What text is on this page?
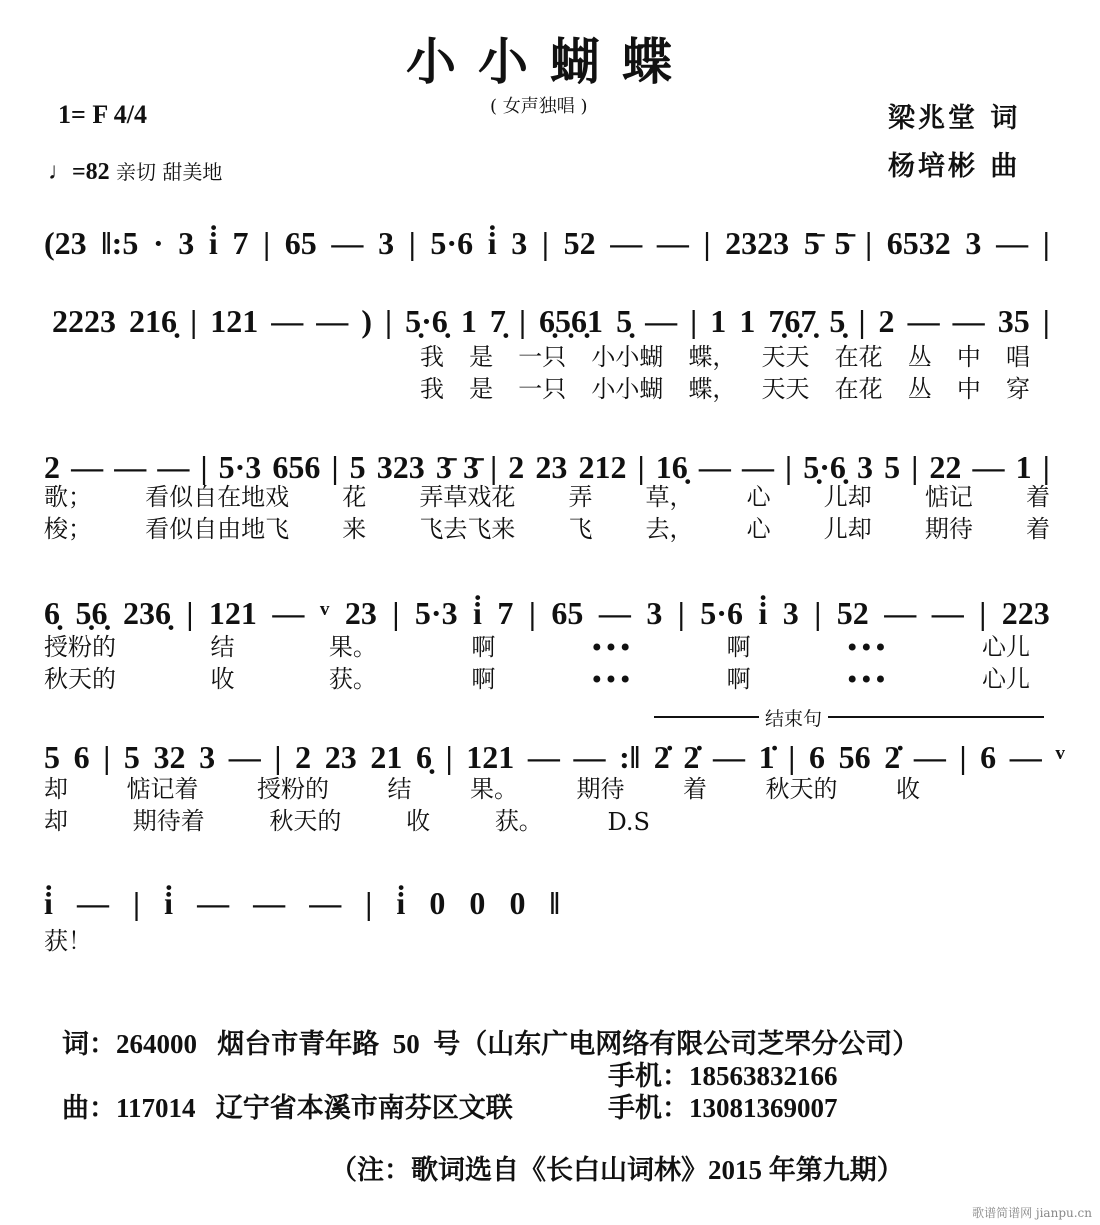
小小蝴蝶
( 女声独唱 )
1= F 4/4
♩=82 亲切 甜美地
梁兆堂 词
杨培彬 曲
(23 ‖:5 · 3 i̇ 7 | 65 — 3 | 5·6 i̇ 3 | 52 — — | 2323 5̄ 5̄ | 6532 3 — |
2223 216̣ | 121 — — ) | 5̣·6̣ 1 7̣ | 6̣5̣6̣1 5̣ — | 1 1 7̣6̣7̣ 5̣ | 2 — — 35 |
我 是 一只 小小蝴 蝶， 天天 在花 丛 中 唱
我 是 一只 小小蝴 蝶， 天天 在花 丛 中 穿
2 — — — | 5·3 656 | 5 323 3̄ 3̄ | 2 23 212 | 16̣ — — | 5̣·6̣ 3 5 | 22 — 1 |
歌； 看似自在地戏 花 弄草戏花 弄 草， 心 儿却 惦记 着
梭； 看似自由地飞 来 飞去飞来 飞 去， 心 儿却 期待 着
6̣ 5̣6̣ 236̣ | 121 — ᵛ 23 | 5·3 i̇ 7 | 65 — 3 | 5·6 i̇ 3 | 52 — — | 223
授粉的	结	果。	啊	•••	啊	•••	心儿
秋天的	收	获。	啊	•••	啊	•••	心儿
5 6 | 5 32 3 — | 2 23 21 6̣ | 121 — — :‖ 2̇ 2̇ — 1̇ | 6 56 2̇ — | 6 — ᵛ
却 惦记着 授粉的 结 果。 期待 着 秋天的 收
却	期待着	秋天的	收	获。	D.S
i̇ — | i̇ — — — | i̇ 0 0 0 ‖
获！
结束句
词：264000   烟台市青年路  50  号（山东广电网络有限公司芝罘分公司）
手机：18563832166
曲：117014   辽宁省本溪市南芬区文联	手机：13081369007
（注：歌词选自《长白山词林》2015 年第九期）
歌谱简谱网 jianpu.cn
